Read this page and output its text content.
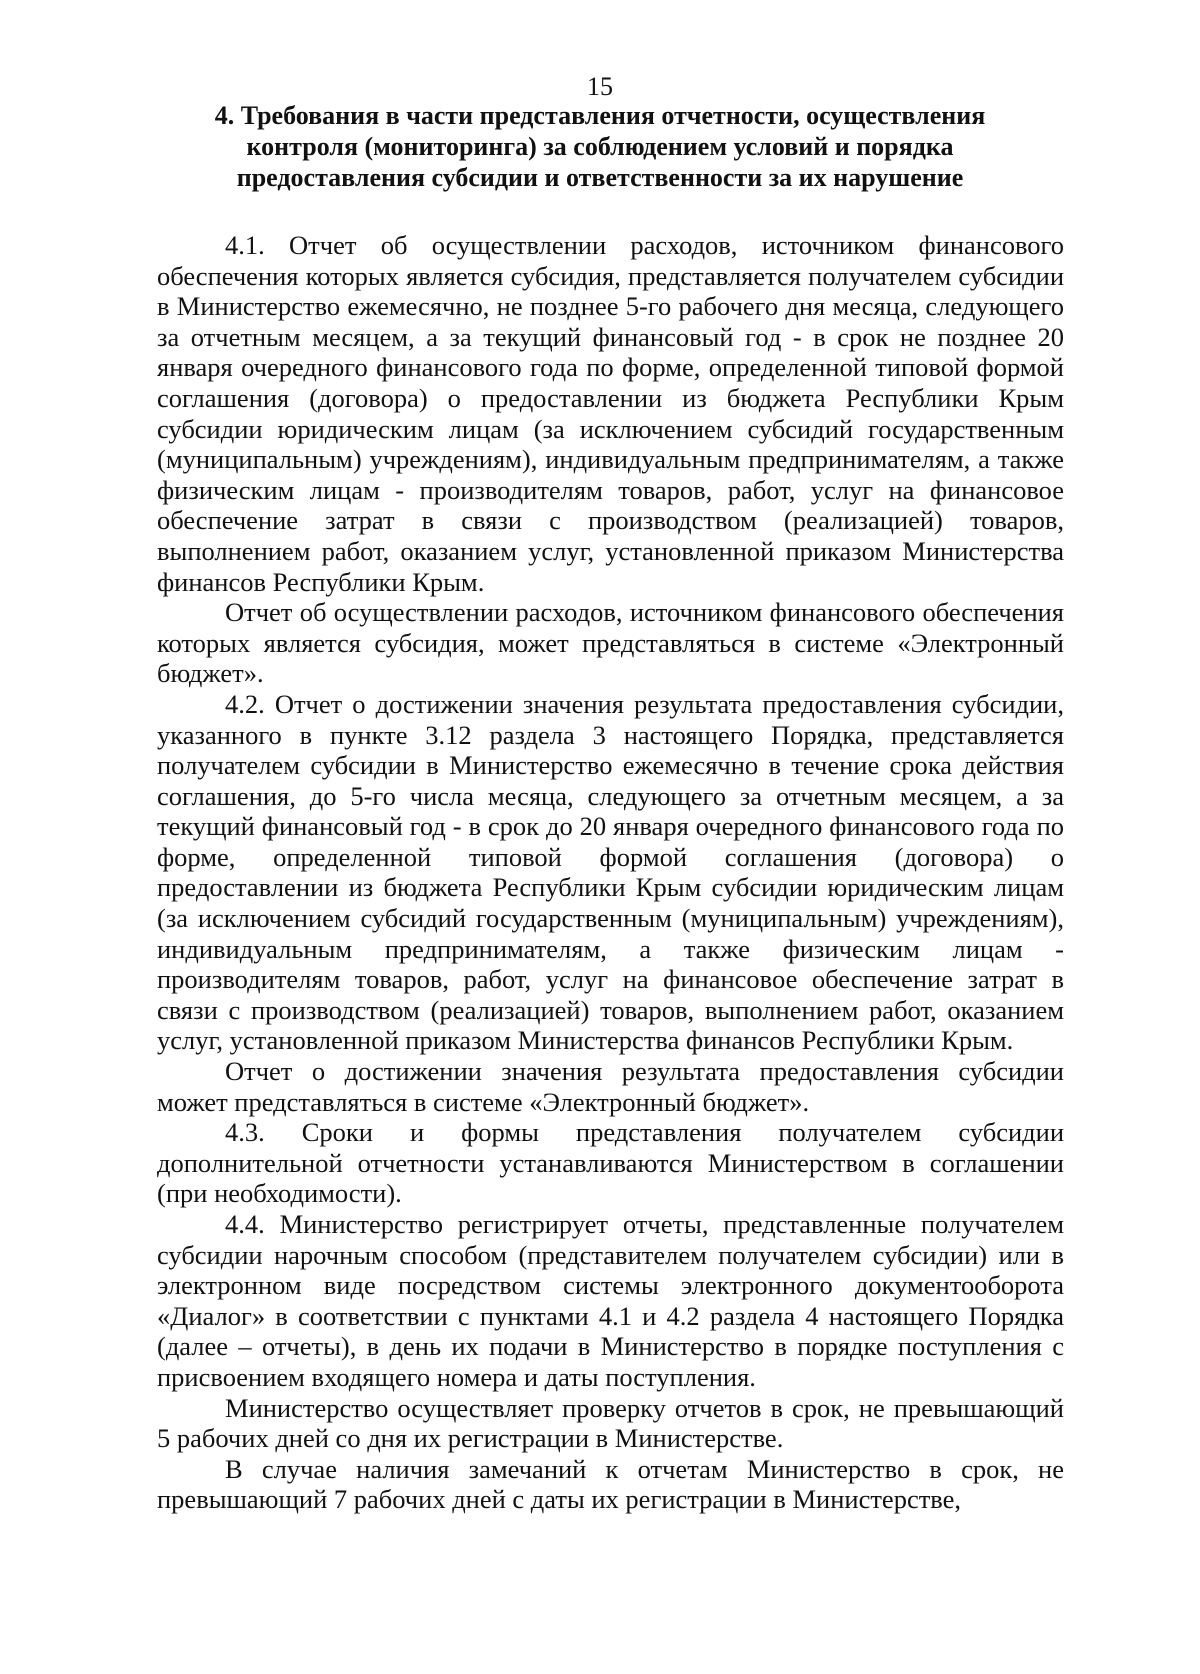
15
4. Требования в части представления отчетности, осуществления
контроля (мониторинга) за соблюдением условий и порядка
предоставления субсидии и ответственности за их нарушение

4.1. Отчет об осуществлении расходов, источником финансового обеспечения которых является субсидия, представляется получателем субсидии в Министерство ежемесячно, не позднее 5-го рабочего дня месяца, следующего за отчетным месяцем, а за текущий финансовый год - в срок не позднее 20 января очередного финансового года по форме, определенной типовой формой соглашения (договора) о предоставлении из бюджета Республики Крым субсидии юридическим лицам (за исключением субсидий государственным (муниципальным) учреждениям), индивидуальным предпринимателям, а также физическим лицам - производителям товаров, работ, услуг на финансовое обеспечение затрат в связи с производством (реализацией) товаров, выполнением работ, оказанием услуг, установленной приказом Министерства финансов Республики Крым.

Отчет об осуществлении расходов, источником финансового обеспечения которых является субсидия, может представляться в системе «Электронный бюджет».

4.2. Отчет о достижении значения результата предоставления субсидии, указанного в пункте 3.12 раздела 3 настоящего Порядка, представляется получателем субсидии в Министерство ежемесячно в течение срока действия соглашения, до 5-го числа месяца, следующего за отчетным месяцем, а за текущий финансовый год - в срок до 20 января очередного финансового года по форме, определенной типовой формой соглашения (договора) о предоставлении из бюджета Республики Крым субсидии юридическим лицам (за исключением субсидий государственным (муниципальным) учреждениям), индивидуальным предпринимателям, а также физическим лицам - производителям товаров, работ, услуг на финансовое обеспечение затрат в связи с производством (реализацией) товаров, выполнением работ, оказанием услуг, установленной приказом Министерства финансов Республики Крым.

Отчет о достижении значения результата предоставления субсидии может представляться в системе «Электронный бюджет».

4.3. Сроки и формы представления получателем субсидии дополнительной отчетности устанавливаются Министерством в соглашении (при необходимости).

4.4. Министерство регистрирует отчеты, представленные получателем субсидии нарочным способом (представителем получателем субсидии) или в электронном виде посредством системы электронного документооборота «Диалог» в соответствии с пунктами 4.1 и 4.2 раздела 4 настоящего Порядка (далее – отчеты), в день их подачи в Министерство в порядке поступления с присвоением входящего номера и даты поступления.

Министерство осуществляет проверку отчетов в срок, не превышающий 5 рабочих дней со дня их регистрации в Министерстве.

В случае наличия замечаний к отчетам Министерство в срок, не превышающий 7 рабочих дней с даты их регистрации в Министерстве,
